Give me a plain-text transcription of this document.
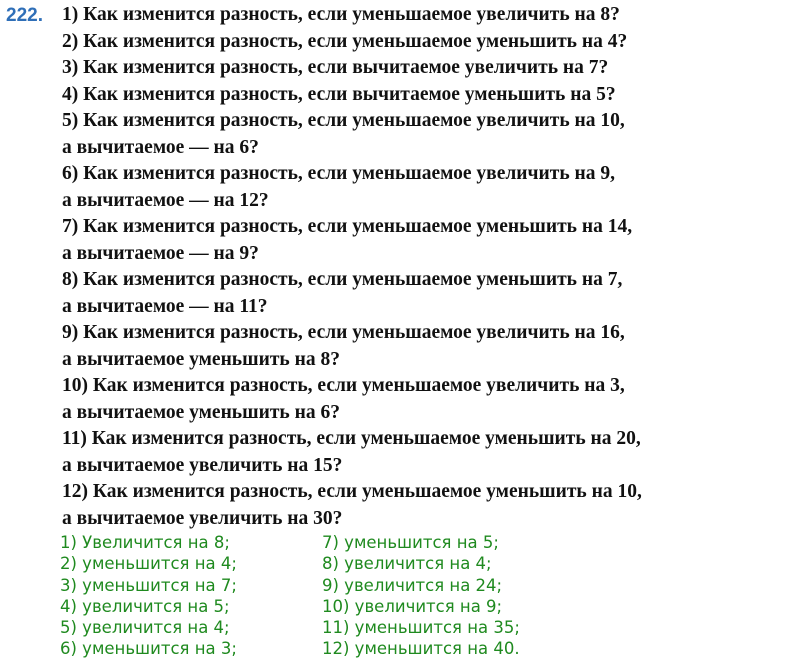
222. 1) Как изменится разность, если уменьшаемое увеличить на 8?
2) Как изменится разность, если уменьшаемое уменьшить на 4?
3) Как изменится разность, если вычитаемое увеличить на 7?
4) Как изменится разность, если вычитаемое уменьшить на 5?
5) Как изменится разность, если уменьшаемое увеличить на 10,
а вычитаемое — на 6?
6) Как изменится разность, если уменьшаемое увеличить на 9,
а вычитаемое — на 12?
7) Как изменится разность, если уменьшаемое уменьшить на 14,
а вычитаемое — на 9?
8) Как изменится разность, если уменьшаемое уменьшить на 7,
а вычитаемое — на 11?
9) Как изменится разность, если уменьшаемое увеличить на 16,
а вычитаемое уменьшить на 8?
10) Как изменится разность, если уменьшаемое увеличить на 3,
а вычитаемое уменьшить на 6?
11) Как изменится разность, если уменьшаемое уменьшить на 20,
а вычитаемое увеличить на 15?
12) Как изменится разность, если уменьшаемое уменьшить на 10,
а вычитаемое увеличить на 30?
1) Увеличится на 8;	7) уменьшится на 5;
2) уменьшится на 4;	8) увеличится на 4;
3) уменьшится на 7;	9) увеличится на 24;
4) увеличится на 5;	10) увеличится на 9;
5) увеличится на 4;	11) уменьшится на 35;
6) уменьшится на 3;	12) уменьшится на 40.
